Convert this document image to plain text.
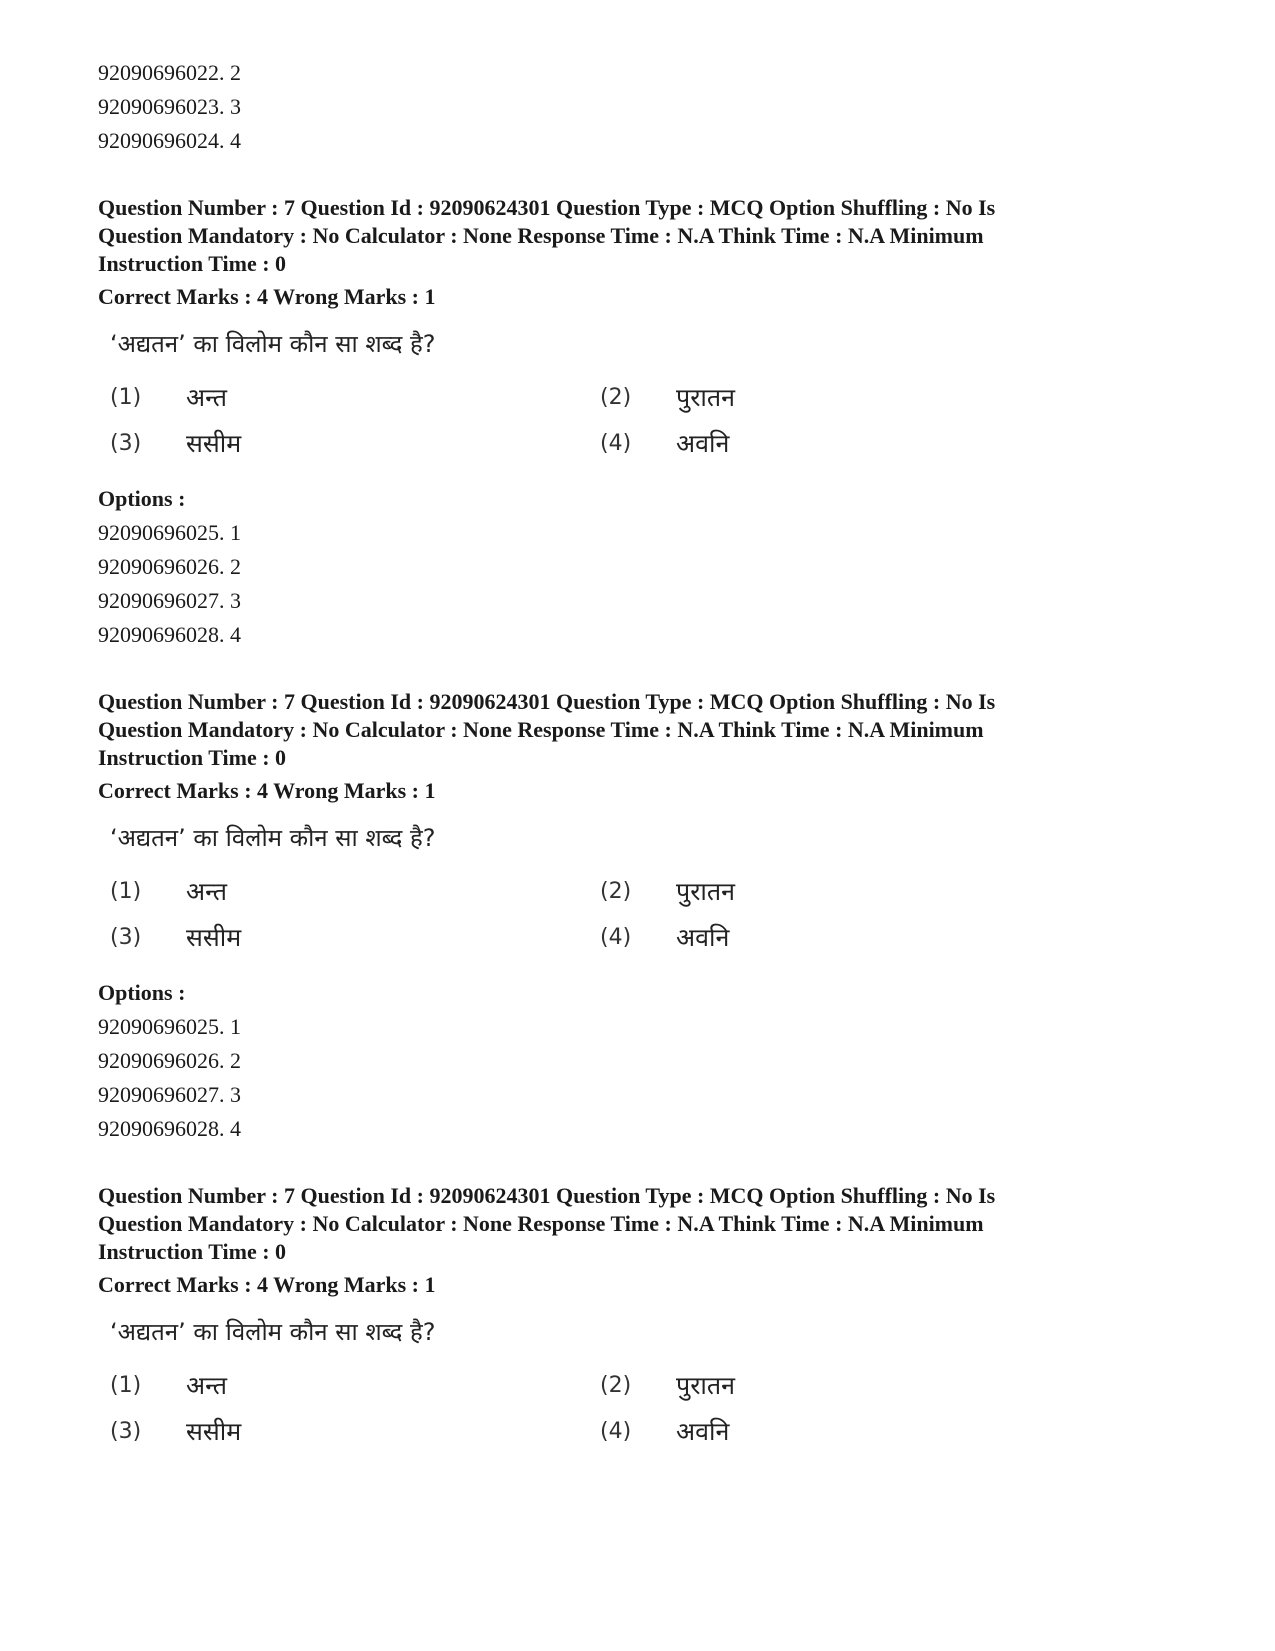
92090696022. 2
92090696023. 3
92090696024. 4
Question Number : 7 Question Id : 92090624301 Question Type : MCQ Option Shuffling : No Is
Question Mandatory : No Calculator : None Response Time : N.A Think Time : N.A Minimum
Instruction Time : 0
Correct Marks : 4 Wrong Marks : 1
‘अद्यतन’ का विलोम कौन सा शब्द है?
(1)	अन्त	(2)	पुरातन
(3)	ससीम	(4)	अवनि
Options :
92090696025. 1
92090696026. 2
92090696027. 3
92090696028. 4
Question Number : 7 Question Id : 92090624301 Question Type : MCQ Option Shuffling : No Is
Question Mandatory : No Calculator : None Response Time : N.A Think Time : N.A Minimum
Instruction Time : 0
Correct Marks : 4 Wrong Marks : 1
‘अद्यतन’ का विलोम कौन सा शब्द है?
(1)	अन्त	(2)	पुरातन
(3)	ससीम	(4)	अवनि
Options :
92090696025. 1
92090696026. 2
92090696027. 3
92090696028. 4
Question Number : 7 Question Id : 92090624301 Question Type : MCQ Option Shuffling : No Is
Question Mandatory : No Calculator : None Response Time : N.A Think Time : N.A Minimum
Instruction Time : 0
Correct Marks : 4 Wrong Marks : 1
‘अद्यतन’ का विलोम कौन सा शब्द है?
(1)	अन्त	(2)	पुरातन
(3)	ससीम	(4)	अवनि
